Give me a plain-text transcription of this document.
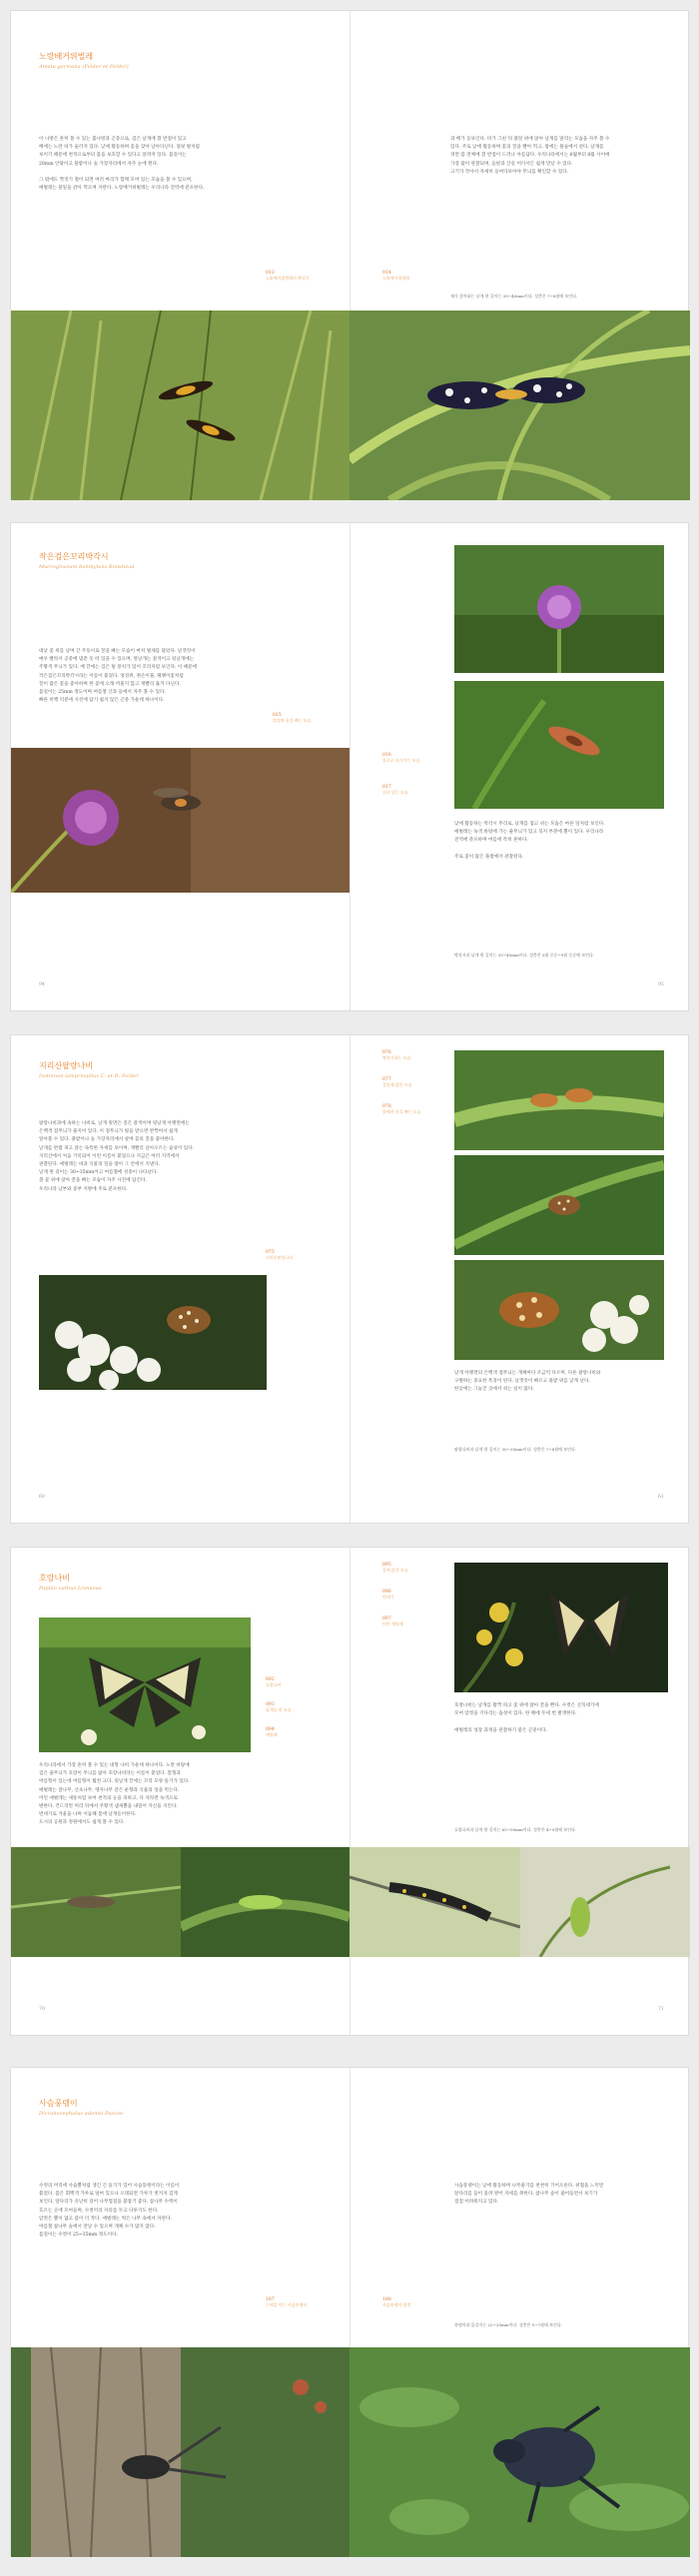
노랑배거위벌레
Amata germana (Felder et Felder)
이 나방은 흔히 볼 수 있는 불나방과 곤충으로, 검은 날개에 흰 반점이 있고
배에는 노란 띠가 둘러져 있다. 낮에 활동하며 꽃을 찾아 날아다닌다. 얼핏 벌처럼
보이기 때문에 천적으로부터 몸을 보호할 수 있다고 알려져 있다. 몸길이는
20mm 안팎이고 풀밭이나 숲 가장자리에서 자주 눈에 띈다.
그 밖에도 짝짓기 철이 되면 여러 마리가 함께 모여 있는 모습을 볼 수 있으며,
애벌레는 풀잎을 갉아 먹으며 자란다. 노랑배거위벌레는 우리나라 전역에 분포한다.
013
노랑배거위벌레의 짝짓기
014
노랑배거위벌레
과 배가 돋보인다. 비가 그친 뒤 풀잎 위에 앉아 날개를 말리는 모습을 자주 볼 수
있다. 주로 낮에 활동하며 꽃의 꿀을 빨아 먹고, 밤에는 풀숲에서 쉰다. 날개를
펴면 몸 전체에 흰 반점이 드러나 아름답다. 우리나라에서는 6월부터 8월 사이에
가장 많이 관찰되며, 들판과 산길 어디서든 쉽게 만날 수 있다.
크기가 작아서 자세히 들여다보아야 무늬를 확인할 수 있다.
제가 좋아하는 날개 편 길이는 35~40mm이다. 성충은 7~8월에 보인다.
작은검은꼬리박각시
Macroglossum bombylans Boisduval
대낮 꽃 위를 날며 긴 주둥이로 꿀을 빠는 모습이 마치 벌새를 닮았다. 날갯짓이
매우 빨라서 공중에 멈춘 듯 떠 있을 수 있으며, 앞날개는 갈색이고 뒷날개에는
주황색 무늬가 있다. 배 끝에는 검은 털 뭉치가 있어 꼬리처럼 보인다. 이 때문에
작은검은꼬리박각시라는 이름이 붙었다. 엉겅퀴, 쥐손이풀, 패랭이꽃처럼
꿀이 많은 꽃을 좋아하며 한 꽃에 오래 머물지 않고 재빨리 옮겨 다닌다.
몸길이는 25mm 정도이며 여름철 산과 들에서 자주 볼 수 있다.
빠른 비행 덕분에 사진에 담기 쉽지 않은 곤충 가운데 하나이다.
015
엉겅퀴 꿀을 빠는 모습
016
꽃으로 다가가는 모습
017
쉬고 있는 모습
낮에 활동하는 박각시 무리로, 날개를 접고 쉬는 모습은 마른 잎처럼 보인다.
애벌레는 녹색 바탕에 가는 줄무늬가 있고 꼭지 부분에 뿔이 있다. 우리나라
전역에 분포하며 여름에 특히 흔하다.
주로 꽃이 많은 풀밭에서 관찰된다.
박각시과 날개 편 길이는 35~45mm이다. 성충은 5월 중순~9월 중순에 보인다.
94	95
지리산팔랑나비
Isoteinon lamprospilus C. et R. Felder
팔랑나비과에 속하는 나비로, 날개 윗면은 짙은 갈색이며 뒷날개 아랫면에는
은백색 점무늬가 줄지어 있다. 이 점무늬가 빛을 받으면 반짝여서 쉽게
알아볼 수 있다. 풀밭이나 숲 가장자리에서 살며 꽃의 꿀을 좋아한다.
날개를 반쯤 펴고 앉는 독특한 자세를 보이며, 재빨리 날아오르는 습성이 있다.
지리산에서 처음 기록되어 이런 이름이 붙었으나 지금은 여러 지역에서
관찰된다. 애벌레는 벼과 식물의 잎을 말아 그 안에서 지낸다.
날개 편 길이는 30~35mm이고 여름철에 성충이 나타난다.
흰 꽃 위에 앉아 꿀을 빠는 모습이 자주 사진에 담긴다.
우리나라 남부와 중부 지방에 주로 분포한다.
075
지리산팔랑나비
60
076
짝짓기하는 모습
077
풀잎에 앉은 모습
078
꽃에서 꿀을 빠는 모습
날개 아랫면의 은백색 점무늬는 개체마다 조금씩 다르며, 다른 팔랑나비와
구별하는 중요한 특징이 된다. 날갯짓이 빠르고 풀밭 위를 낮게 난다.
한낮에는 그늘진 곳에서 쉬는 일이 많다.
팔랑나비과 날개 편 길이는 30~35mm이다. 성충은 7~8월에 보인다.
61
호랑나비
Papilio xuthus Linnaeus
092
호랑나비
093
날개를 편 모습
094
애벌레
우리나라에서 가장 흔히 볼 수 있는 대형 나비 가운데 하나이다. 노란 바탕에
검은 줄무늬가 호랑이 무늬를 닮아 호랑나비라는 이름이 붙었다. 봄형과
여름형이 있는데 여름형이 훨씬 크다. 뒷날개 끝에는 꼬리 모양 돌기가 있다.
애벌레는 귤나무, 산초나무, 탱자나무 같은 운향과 식물의 잎을 먹는다.
어린 애벌레는 새똥처럼 보여 천적의 눈을 피하고, 다 자라면 녹색으로
변한다. 건드리면 머리 뒤에서 주황색 냄새뿔을 내밀어 자신을 지킨다.
번데기로 겨울을 나며 이듬해 봄에 날개돋이한다.
도시의 공원과 정원에서도 쉽게 볼 수 있다.
095
꽃에 앉은 모습
096
번데기
097
어린 애벌레
호랑나비는 날개를 활짝 펴고 꽃 위에 앉아 꿀을 빤다. 수컷은 산꼭대기에
모여 암컷을 기다리는 습성이 있다. 한 해에 두세 번 발생한다.
애벌레의 성장 과정을 관찰하기 좋은 곤충이다.
호랑나비과 날개 편 길이는 65~90mm이다. 성충은 4~9월에 보인다.
70	71
사슴풍뎅이
Dicranocephalus adamsi Pascoe
수컷의 머리에 사슴뿔처럼 생긴 긴 돌기가 있어 사슴풍뎅이라는 이름이
붙었다. 몸은 회백색 가루로 덮여 있으나 오래되면 가루가 벗겨져 검게
보인다. 앞다리가 유난히 길어 나무껍질을 붙잡기 좋다. 참나무 수액이
흐르는 곳에 모여들며, 수컷끼리 자리를 두고 다투기도 한다.
암컷은 뿔이 없고 몸이 더 작다. 애벌레는 썩은 나무 속에서 자란다.
여름철 참나무 숲에서 만날 수 있으며 개체 수가 많지 않다.
몸길이는 수컷이 25~35mm 정도이다.
187
수액을 먹는 사슴풍뎅이
188
사슴풍뎅이 암컷
사슴풍뎅이는 낮에 활동하며 나무줄기를 천천히 기어오른다. 위협을 느끼면
앞다리를 들어 올려 방어 자세를 취한다. 참나무 숲이 줄어들면서 보기가
점점 어려워지고 있다.
풍뎅이과 몸길이는 22~35mm이다. 성충은 5~7월에 보인다.
